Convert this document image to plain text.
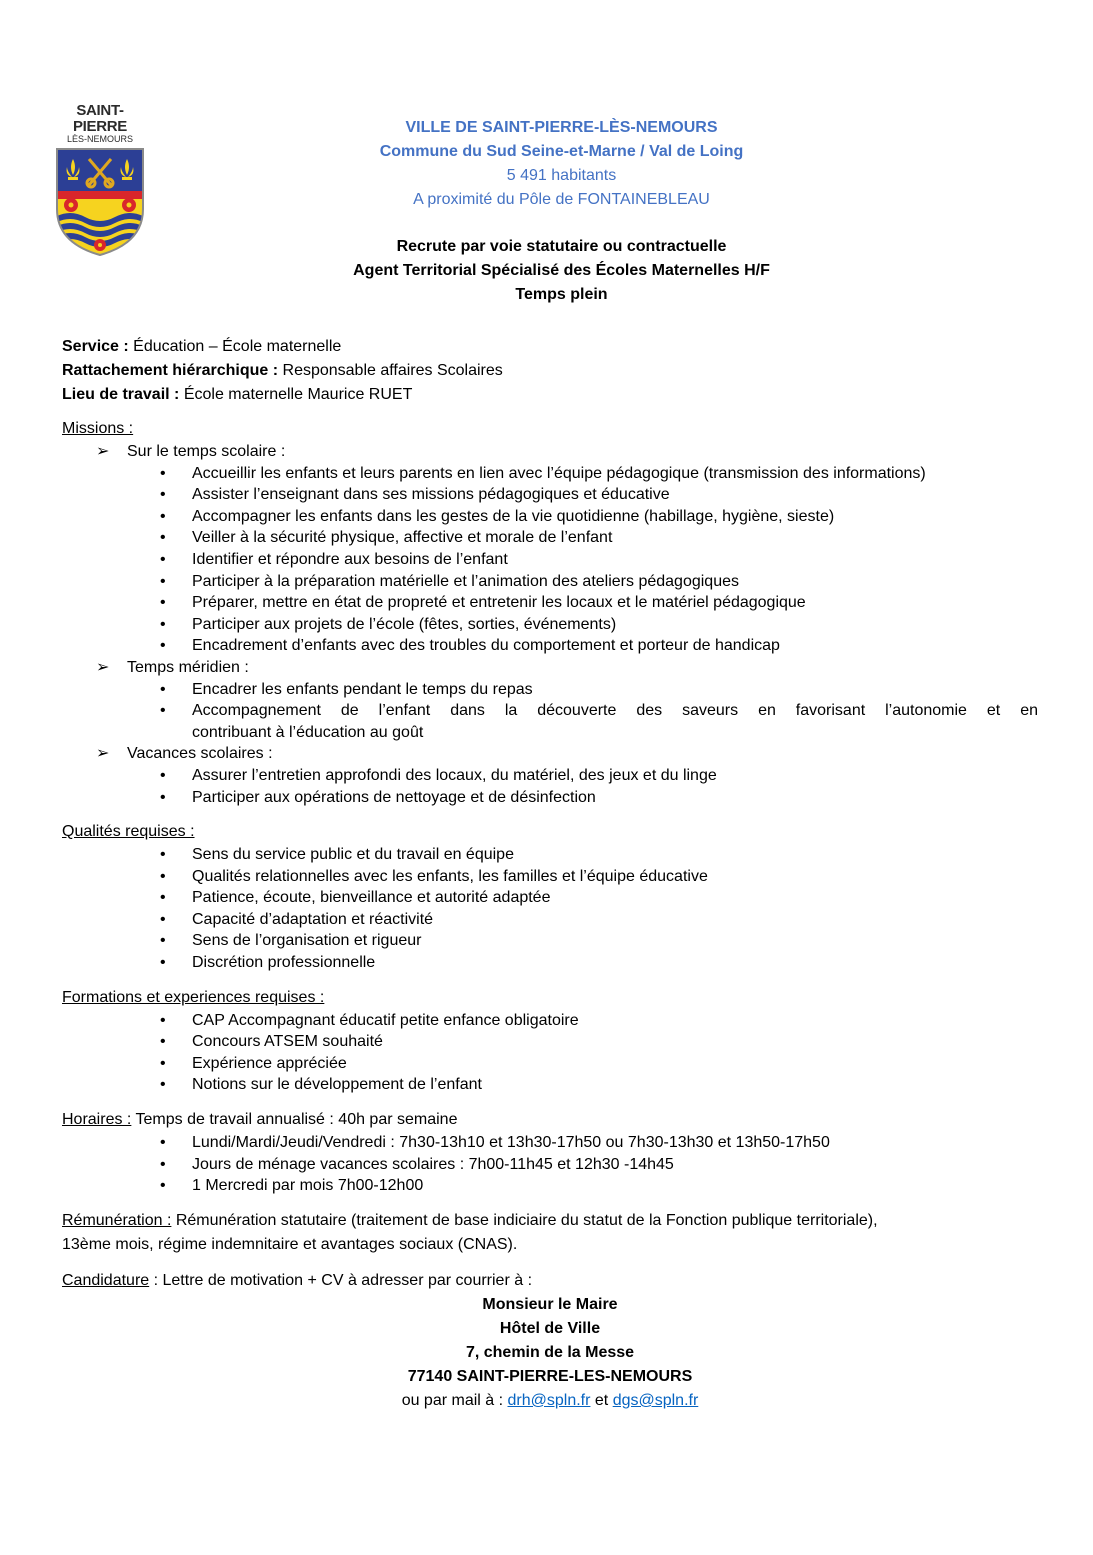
SAINT-PIERRE
LÈS-NEMOURS
VILLE DE SAINT-PIERRE-LÈS-NEMOURS
Commune du Sud Seine-et-Marne / Val de Loing
5 491 habitants
A proximité du Pôle de FONTAINEBLEAU
Recrute par voie statutaire ou contractuelle
Agent Territorial Spécialisé des Écoles Maternelles H/F
Temps plein
Service : Éducation – École maternelle
Rattachement hiérarchique : Responsable affaires Scolaires
Lieu de travail : École maternelle Maurice RUET
Missions :
➢ Sur le temps scolaire :
• Accueillir les enfants et leurs parents en lien avec l’équipe pédagogique (transmission des informations)
• Assister l’enseignant dans ses missions pédagogiques et éducative
• Accompagner les enfants dans les gestes de la vie quotidienne (habillage, hygiène, sieste)
• Veiller à la sécurité physique, affective et morale de l’enfant
• Identifier et répondre aux besoins de l’enfant
• Participer à la préparation matérielle et l’animation des ateliers pédagogiques
• Préparer, mettre en état de propreté et entretenir les locaux et le matériel pédagogique
• Participer aux projets de l’école (fêtes, sorties, événements)
• Encadrement d’enfants avec des troubles du comportement et porteur de handicap
➢ Temps méridien :
• Encadrer les enfants pendant le temps du repas
• Accompagnement de l’enfant dans la découverte des saveurs en favorisant l’autonomie et en
contribuant à l’éducation au goût
➢ Vacances scolaires :
• Assurer l’entretien approfondi des locaux, du matériel, des jeux et du linge
• Participer aux opérations de nettoyage et de désinfection
Qualités requises :
• Sens du service public et du travail en équipe
• Qualités relationnelles avec les enfants, les familles et l’équipe éducative
• Patience, écoute, bienveillance et autorité adaptée
• Capacité d’adaptation et réactivité
• Sens de l’organisation et rigueur
• Discrétion professionnelle
Formations et experiences requises :
• CAP Accompagnant éducatif petite enfance obligatoire
• Concours ATSEM souhaité
• Expérience appréciée
• Notions sur le développement de l’enfant
Horaires : Temps de travail annualisé : 40h par semaine
• Lundi/Mardi/Jeudi/Vendredi : 7h30-13h10 et 13h30-17h50 ou 7h30-13h30 et 13h50-17h50
• Jours de ménage vacances scolaires : 7h00-11h45 et 12h30 -14h45
• 1 Mercredi par mois 7h00-12h00
Rémunération : Rémunération statutaire (traitement de base indiciaire du statut de la Fonction publique territoriale),
13ème mois, régime indemnitaire et avantages sociaux (CNAS).
Candidature : Lettre de motivation + CV à adresser par courrier à :
Monsieur le Maire
Hôtel de Ville
7, chemin de la Messe
77140 SAINT-PIERRE-LES-NEMOURS
ou par mail à : drh@spln.fr et dgs@spln.fr
